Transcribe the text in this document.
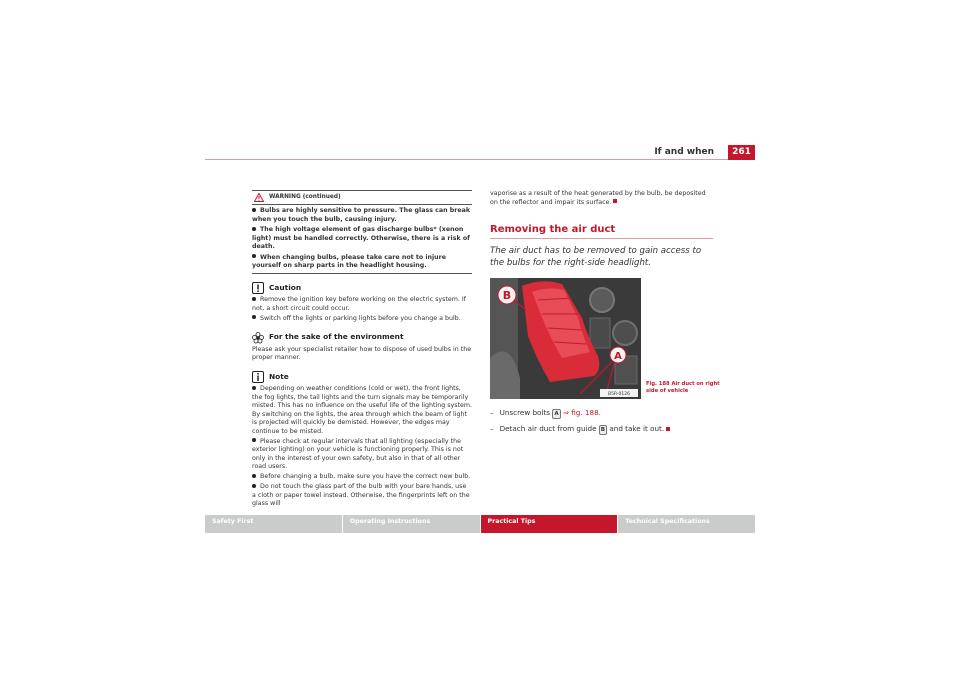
If and when	261
WARNING (continued)
Bulbs are highly sensitive to pressure. The glass can break when you touch the bulb, causing injury.
The high voltage element of gas discharge bulbs* (xenon light) must be handled correctly. Otherwise, there is a risk of death.
When changing bulbs, please take care not to injure yourself on sharp parts in the headlight housing.
Caution
Remove the ignition key before working on the electric system. If not, a short circuit could occur.
Switch off the lights or parking lights before you change a bulb.
For the sake of the environment
Please ask your specialist retailer how to dispose of used bulbs in the proper manner.
Note
Depending on weather conditions (cold or wet), the front lights, the fog lights, the tail lights and the turn signals may be temporarily misted. This has no influence on the useful life of the lighting system. By switching on the lights, the area through which the beam of light is projected will quickly be demisted. However, the edges may continue to be misted.
Please check at regular intervals that all lighting (especially the exterior lighting) on your vehicle is functioning properly. This is not only in the interest of your own safety, but also in that of all other road users.
Before changing a bulb, make sure you have the correct new bulb.
Do not touch the glass part of the bulb with your bare hands, use a cloth or paper towel instead. Otherwise, the fingerprints left on the glass will
vaporise as a result of the heat generated by the bulb, be deposited on the reflector and impair its surface.
Removing the air duct
The air duct has to be removed to gain access to the bulbs for the right-side headlight.
B
A
B5R-0126
Fig. 188 Air duct on right side of vehicle
– Unscrew bolts A ⇒ fig. 188.
– Detach air duct from guide B and take it out.
Safety First	Operating Instructions	Practical Tips	Technical Specifications
